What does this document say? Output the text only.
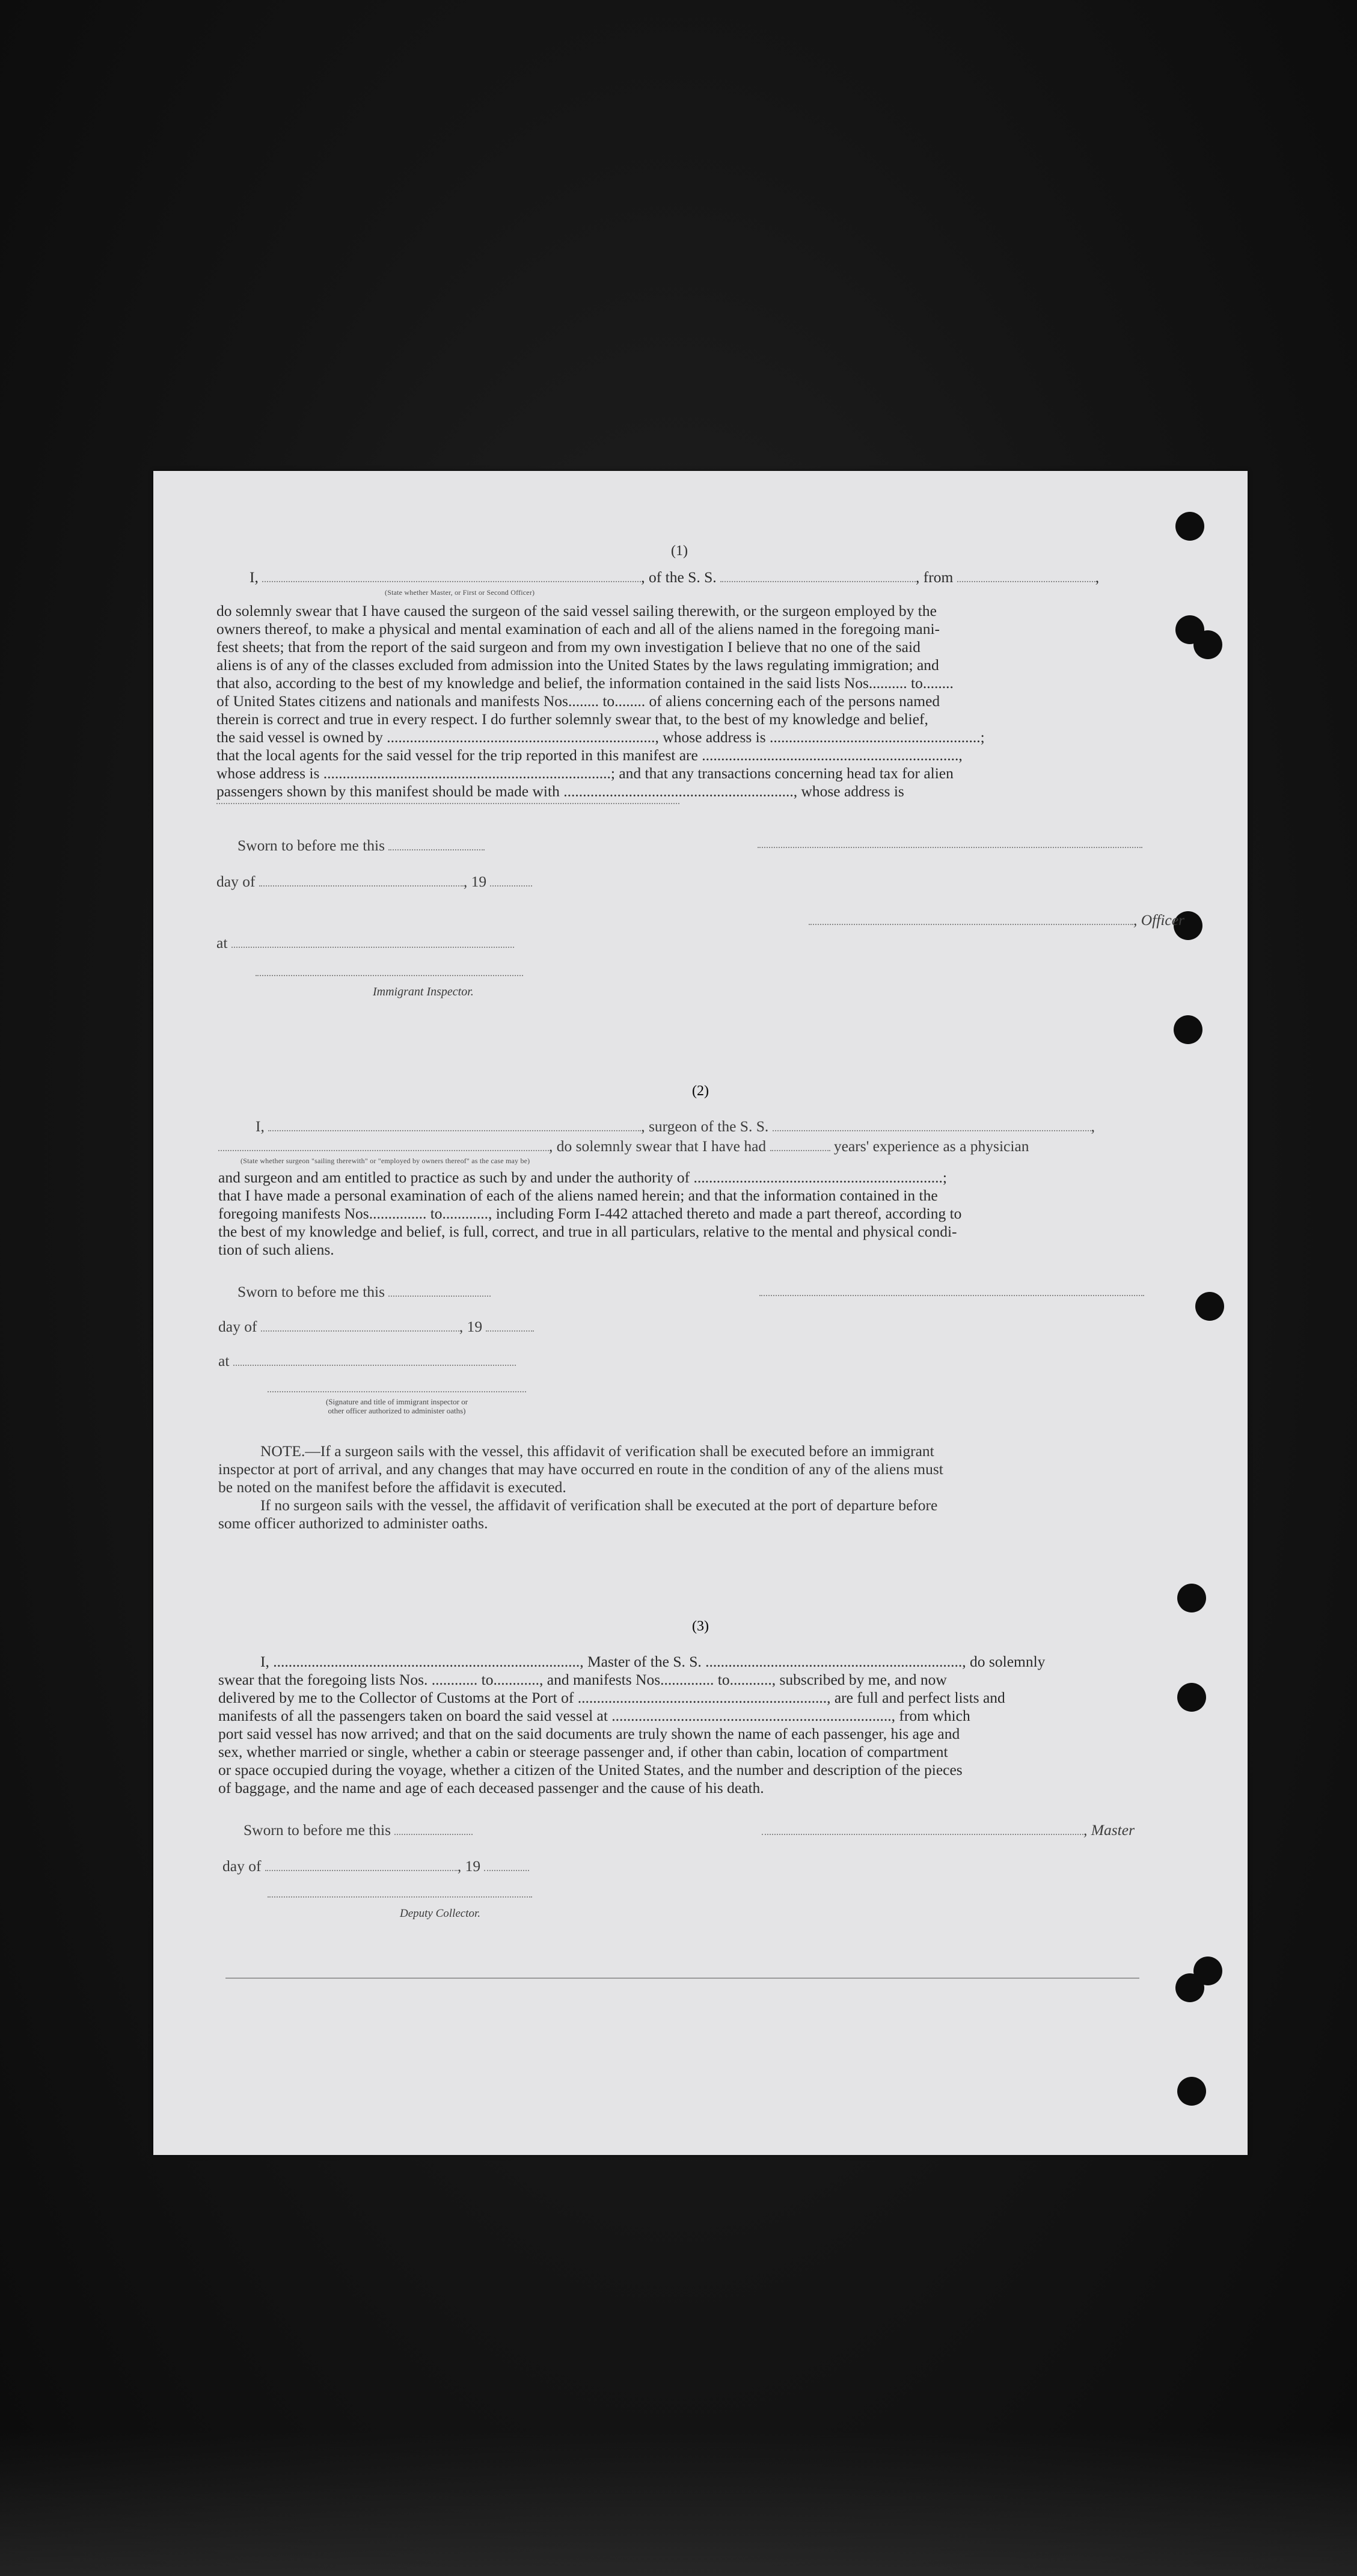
(1)
I,	, of the S. S.	, from	,
(State whether Master, or First or Second Officer)

do solemnly swear that I have caused the surgeon of the said vessel sailing therewith, or the surgeon employed by the

owners thereof, to make a physical and mental examination of each and all of the aliens named in the foregoing mani-

fest sheets; that from the report of the said surgeon and from my own investigation I believe that no one of the said

aliens is of any of the classes excluded from admission into the United States by the laws regulating immigration; and

that also, according to the best of my knowledge and belief, the information contained in the said lists Nos.......... to........

of United States citizens and nationals and manifests Nos........ to........ of aliens concerning each of the persons named

therein is correct and true in every respect. I do further solemnly swear that, to the best of my knowledge and belief,

the said vessel is owned by ......................................................................, whose address is .......................................................;

that the local agents for the said vessel for the trip reported in this manifest are ...................................................................,

whose address is ...........................................................................; and that any transactions concerning head tax for alien

passengers shown by this manifest should be made with ............................................................, whose address is

Sworn to before me this
day of	, 19
, Officer
at
Immigrant Inspector.
(2)
I,	, surgeon of the S. S.	,
, do solemnly swear that I have had	years' experience as a physician
(State whether surgeon "sailing therewith" or "employed by owners thereof" as the case may be)

and surgeon and am entitled to practice as such by and under the authority of .................................................................;

that I have made a personal examination of each of the aliens named herein; and that the information contained in the

foregoing manifests Nos............... to............, including Form I-442 attached thereto and made a part thereof, according to

the best of my knowledge and belief, is full, correct, and true in all particulars, relative to the mental and physical condi-

tion of such aliens.

Sworn to before me this
day of	, 19
at
(Signature and title of immigrant inspector or
other officer authorized to administer oaths)

NOTE.—If a surgeon sails with the vessel, this affidavit of verification shall be executed before an immigrant

inspector at port of arrival, and any changes that may have occurred en route in the condition of any of the aliens must

be noted on the manifest before the affidavit is executed.

If no surgeon sails with the vessel, the affidavit of verification shall be executed at the port of departure before

some officer authorized to administer oaths.

(3)

I, ................................................................................, Master of the S. S. ..................................................................., do solemnly

swear that the foregoing lists Nos. ............ to............, and manifests Nos.............. to..........., subscribed by me, and now

delivered by me to the Collector of Customs at the Port of ................................................................., are full and perfect lists and

manifests of all the passengers taken on board the said vessel at ........................................................................., from which

port said vessel has now arrived; and that on the said documents are truly shown the name of each passenger, his age and

sex, whether married or single, whether a cabin or steerage passenger and, if other than cabin, location of compartment

or space occupied during the voyage, whether a citizen of the United States, and the number and description of the pieces

of baggage, and the name and age of each deceased passenger and the cause of his death.

Sworn to before me this	, Master
day of	, 19
Deputy Collector.
